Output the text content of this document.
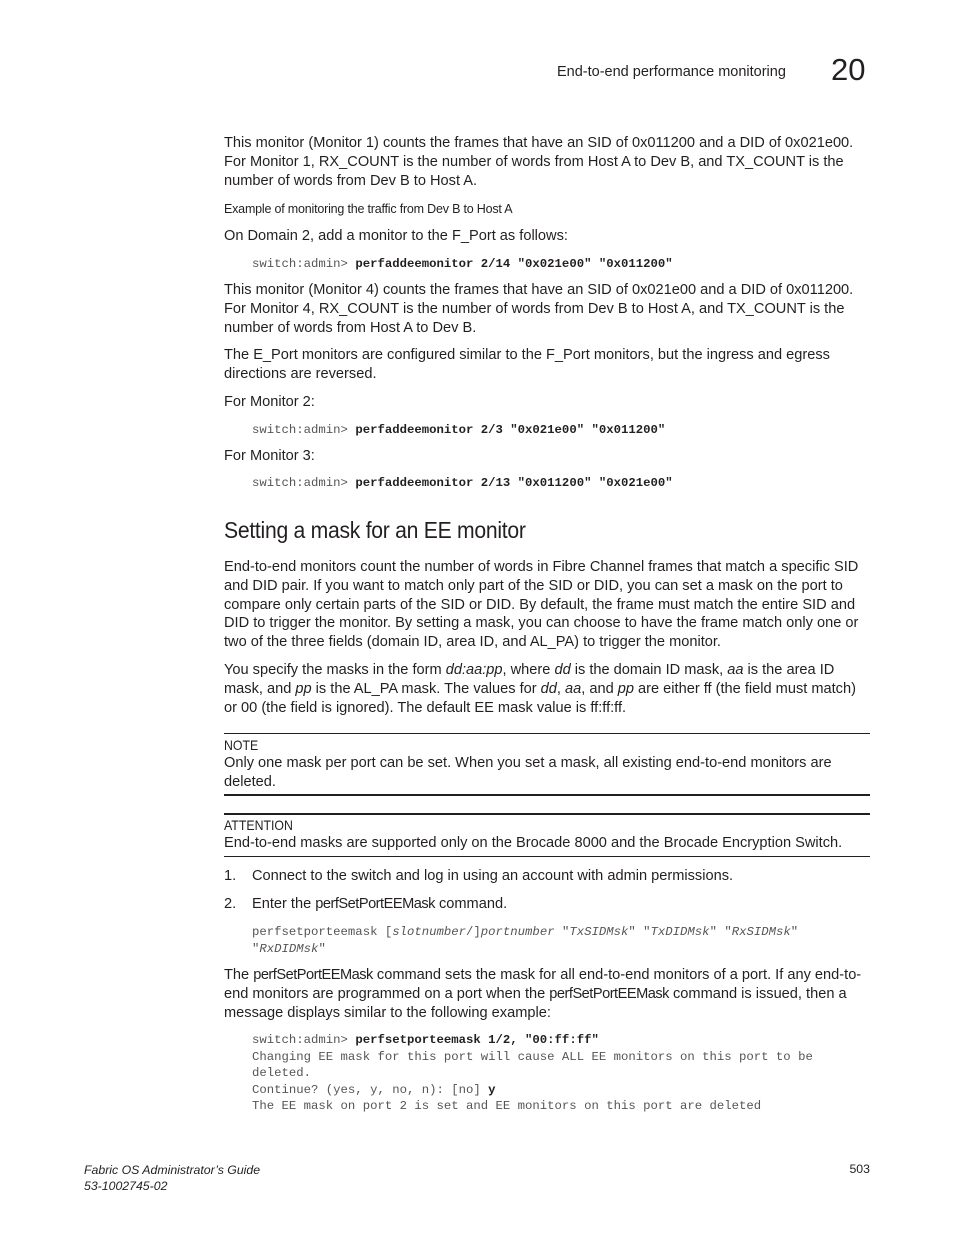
End-to-end performance monitoring 20
This monitor (Monitor 1) counts the frames that have an SID of 0x011200 and a DID of 0x021e00. For Monitor 1, RX_COUNT is the number of words from Host A to Dev B, and TX_COUNT is the number of words from Dev B to Host A.
Example of monitoring the traffic from Dev B to Host A
On Domain 2, add a monitor to the F_Port as follows:
switch:admin> perfaddeemonitor 2/14 "0x021e00" "0x011200"
This monitor (Monitor 4) counts the frames that have an SID of 0x021e00 and a DID of 0x011200. For Monitor 4, RX_COUNT is the number of words from Dev B to Host A, and TX_COUNT is the number of words from Host A to Dev B.
The E_Port monitors are configured similar to the F_Port monitors, but the ingress and egress directions are reversed.
For Monitor 2:
switch:admin> perfaddeemonitor 2/3 "0x021e00" "0x011200"
For Monitor 3:
switch:admin> perfaddeemonitor 2/13 "0x011200" "0x021e00"
Setting a mask for an EE monitor
End-to-end monitors count the number of words in Fibre Channel frames that match a specific SID and DID pair. If you want to match only part of the SID or DID, you can set a mask on the port to compare only certain parts of the SID or DID. By default, the frame must match the entire SID and DID to trigger the monitor. By setting a mask, you can choose to have the frame match only one or two of the three fields (domain ID, area ID, and AL_PA) to trigger the monitor.
You specify the masks in the form dd:aa:pp, where dd is the domain ID mask, aa is the area ID mask, and pp is the AL_PA mask. The values for dd, aa, and pp are either ff (the field must match) or 00 (the field is ignored). The default EE mask value is ff:ff:ff.
NOTE
Only one mask per port can be set. When you set a mask, all existing end-to-end monitors are deleted.
ATTENTION
End-to-end masks are supported only on the Brocade 8000 and the Brocade Encryption Switch.
1. Connect to the switch and log in using an account with admin permissions.
2. Enter the perfSetPortEEMask command.
perfsetporteemask [slotnumber/]portnumber "TxSIDMsk" "TxDIDMsk" "RxSIDMsk"
"RxDIDMsk"
The perfSetPortEEMask command sets the mask for all end-to-end monitors of a port. If any end-to-end monitors are programmed on a port when the perfSetPortEEMask command is issued, then a message displays similar to the following example:
switch:admin> perfsetporteemask 1/2, "00:ff:ff"
Changing EE mask for this port will cause ALL EE monitors on this port to be
deleted.
Continue? (yes, y, no, n): [no] y
The EE mask on port 2 is set and EE monitors on this port are deleted
Fabric OS Administrator’s Guide
53-1002745-02
503
